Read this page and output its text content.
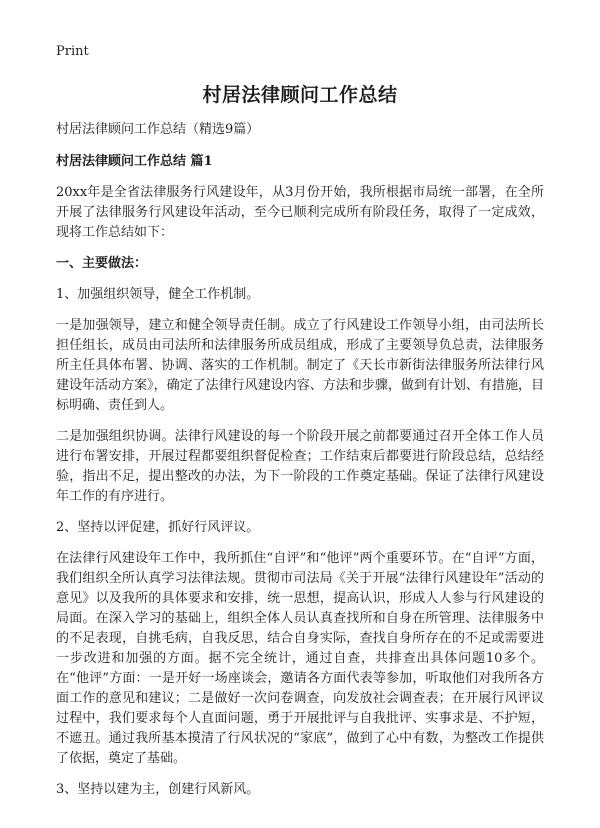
Print
村居法律顾问工作总结

村居法律顾问工作总结（精选9篇）

村居法律顾问工作总结 篇1

20xx年是全省法律服务行风建设年，从3月份开始，我所根据市局统一部署，在全所开展了法律服务行风建设年活动，至今已顺利完成所有阶段任务，取得了一定成效，现将工作总结如下：

一、主要做法：

1、加强组织领导，健全工作机制。

一是加强领导，建立和健全领导责任制。成立了行风建设工作领导小组，由司法所长担任组长，成员由司法所和法律服务所成员组成，形成了主要领导负总责，法律服务所主任具体布署、协调、落实的工作机制。制定了《天长市新街法律服务所法律行风建设年活动方案》，确定了法律行风建设内容、方法和步骤，做到有计划、有措施，目标明确、责任到人。

二是加强组织协调。法律行风建设的每一个阶段开展之前都要通过召开全体工作人员进行布署安排，开展过程都要组织督促检查；工作结束后都要进行阶段总结，总结经验，指出不足，提出整改的办法，为下一阶段的工作奠定基础。保证了法律行风建设年工作的有序进行。

2、坚持以评促建，抓好行风评议。

在法律行风建设年工作中，我所抓住“自评”和“他评”两个重要环节。在“自评”方面，我们组织全所认真学习法律法规。贯彻市司法局《关于开展“法律行风建设年”活动的意见》以及我所的具体要求和安排，统一思想，提高认识，形成人人参与行风建设的局面。在深入学习的基础上，组织全体人员认真查找所和自身在所管理、法律服务中的不足表现，自挑毛病，自我反思，结合自身实际，查找自身所存在的不足或需要进一步改进和加强的方面。据不完全统计，通过自查，共排查出具体问题10多个。在“他评”方面：一是开好一场座谈会，邀请各方面代表等参加，听取他们对我所各方面工作的意见和建议；二是做好一次问卷调查，向发放社会调查表；在开展行风评议过程中，我们要求每个人直面问题，勇于开展批评与自我批评、实事求是、不护短，不遮丑。通过我所基本摸清了行风状况的“家底”，做到了心中有数，为整改工作提供了依据，奠定了基础。

3、坚持以建为主，创建行风新风。
